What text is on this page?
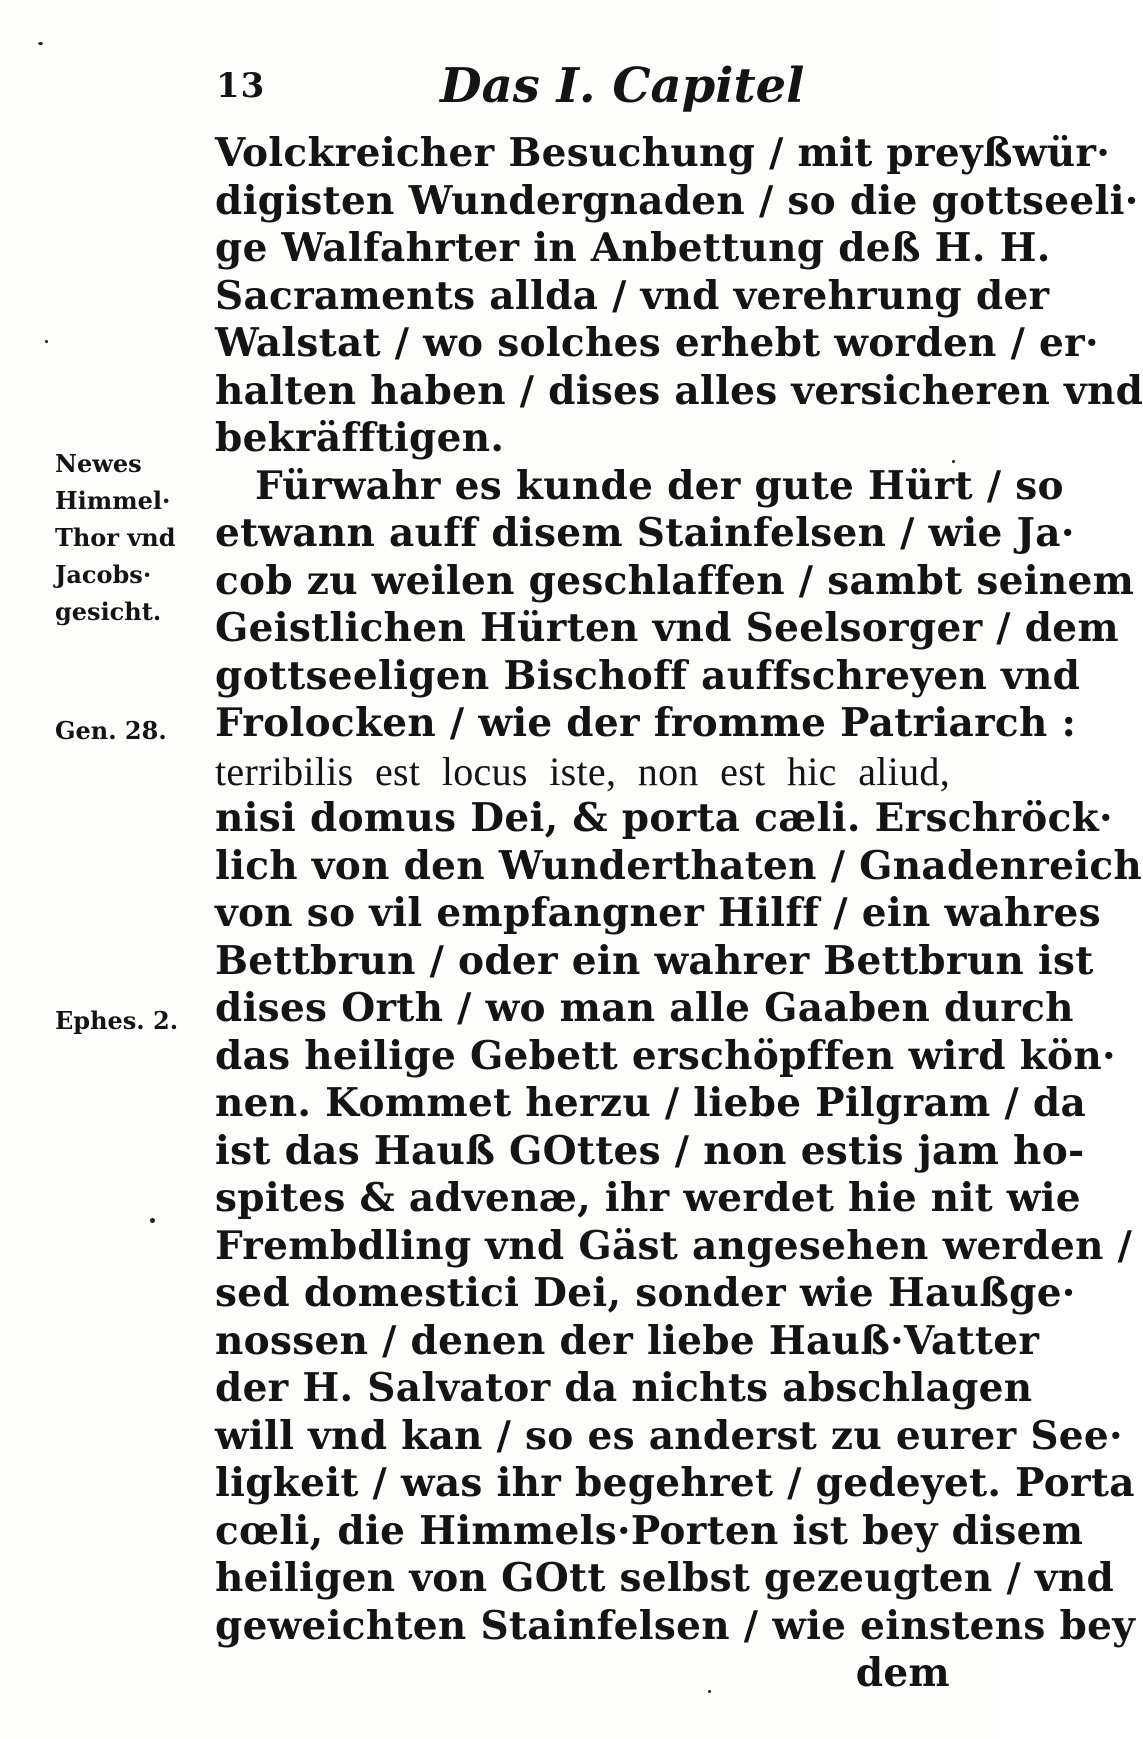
13	Das I. Capitel
Newes
Himmel·
Thor vnd
Jacobs·
gesicht.
Gen. 28.
Ephes. 2.
Volckreicher Besuchung / mit preyßwür·
digisten Wundergnaden / so die gottseeli·
ge Walfahrter in Anbettung deß H. H.
Sacraments allda / vnd verehrung der
Walstat / wo solches erhebt worden / er·
halten haben / dises alles versicheren vnd
bekräfftigen.
Fürwahr es kunde der gute Hürt / so
etwann auff disem Stainfelsen / wie Ja·
cob zu weilen geschlaffen / sambt seinem
Geistlichen Hürten vnd Seelsorger / dem
gottseeligen Bischoff auffschreyen vnd
Frolocken / wie der fromme Patriarch :
terribilis est locus iste, non est hic aliud,
nisi domus Dei, & porta cæli. Erschröck·
lich von den Wunderthaten / Gnadenreich
von so vil empfangner Hilff / ein wahres
Bettbrun / oder ein wahrer Bettbrun ist
dises Orth / wo man alle Gaaben durch
das heilige Gebett erschöpffen wird kön·
nen. Kommet herzu / liebe Pilgram / da
ist das Hauß GOttes / non estis jam ho-
spites & advenæ, ihr werdet hie nit wie
Frembdling vnd Gäst angesehen werden /
sed domestici Dei, sonder wie Haußge·
nossen / denen der liebe Hauß·Vatter
der H. Salvator da nichts abschlagen
will vnd kan / so es anderst zu eurer See·
ligkeit / was ihr begehret / gedeyet. Porta
cœli, die Himmels·Porten ist bey disem
heiligen von GOtt selbst gezeugten / vnd
geweichten Stainfelsen / wie einstens bey
dem
